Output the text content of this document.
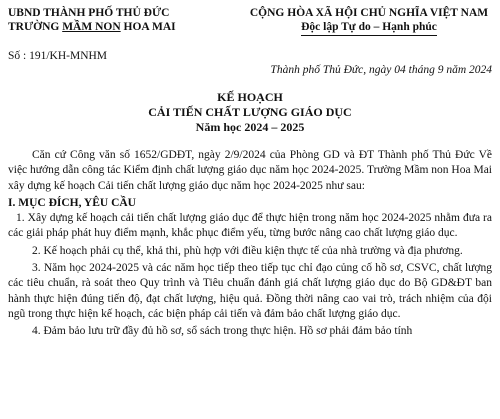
UBND THÀNH PHỐ THỦ ĐỨC
TRƯỜNG MẦM NON HOA MAI
Số : 191/KH-MNHM
CỘNG HÒA XÃ HỘI CHỦ NGHĨA VIỆT NAM
Độc lập Tự do – Hạnh phúc
Thành phố Thủ Đức, ngày 04 tháng 9 năm 2024
KẾ HOẠCH
CẢI TIẾN CHẤT LƯỢNG GIÁO DỤC
Năm học 2024 – 2025

Căn cứ Công văn số 1652/GDĐT, ngày 2/9/2024 của Phòng GD và ĐT Thành phố Thủ Đức Về việc hướng dẫn công tác Kiểm định chất lượng giáo dục năm học 2024-2025. Trường Mầm non Hoa Mai xây dựng kế hoạch Cải tiến chất lượng giáo dục năm học 2024-2025 như sau:

I. MỤC ĐÍCH, YÊU CẦU

1. Xây dựng kế hoạch cải tiến chất lượng giáo dục để thực hiện trong năm học 2024-2025 nhằm đưa ra các giải pháp phát huy điểm mạnh, khắc phục điểm yếu, từng bước nâng cao chất lượng giáo dục.

2. Kế hoạch phải cụ thể, khả thi, phù hợp với điều kiện thực tế của nhà trường và địa phương.

3. Năm học 2024-2025 và các năm học tiếp theo tiếp tục chỉ đạo củng cố hồ sơ, CSVC, chất lượng các tiêu chuẩn, rà soát theo Quy trình và Tiêu chuẩn đánh giá chất lượng giáo dục do Bộ GD&ĐT ban hành thực hiện đúng tiến độ, đạt chất lượng, hiệu quả. Đồng thời nâng cao vai trò, trách nhiệm của đội ngũ trong thực hiện kế hoạch, các biện pháp cải tiến và đảm bảo chất lượng giáo dục.

4. Đảm bảo lưu trữ đầy đủ hồ sơ, sổ sách trong thực hiện. Hồ sơ phải đảm bảo tính
